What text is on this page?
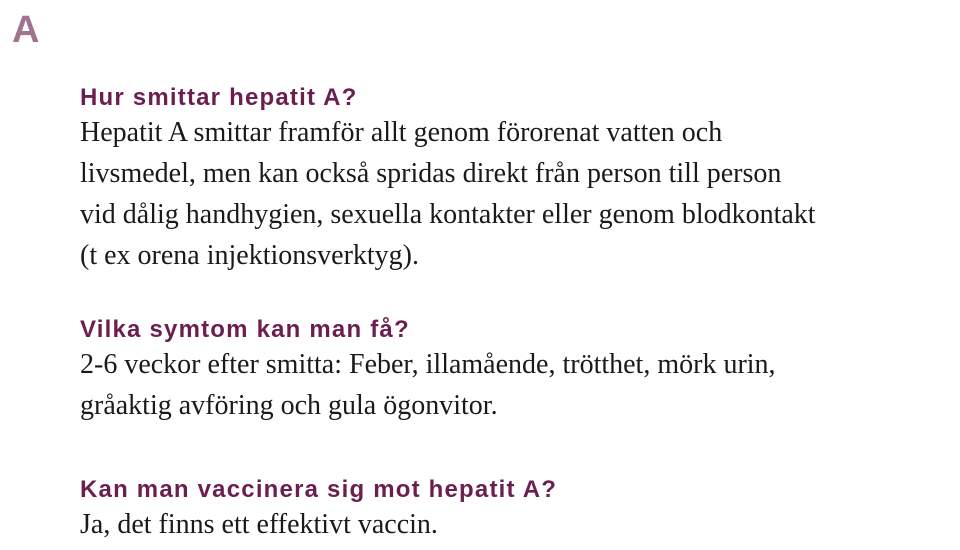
A
Hur smittar hepatit A?

Hepatit A smittar framför allt genom förorenat vatten och
livsmedel, men kan också spridas direkt från person till person
vid dålig handhygien, sexuella kontakter eller genom blodkontakt
(t ex orena injektionsverktyg).

Vilka symtom kan man få?

2-6 veckor efter smitta: Feber, illamående, trötthet, mörk urin,
gråaktig avföring och gula ögonvitor.

Kan man vaccinera sig mot hepatit A?

Ja, det finns ett effektivt vaccin.
